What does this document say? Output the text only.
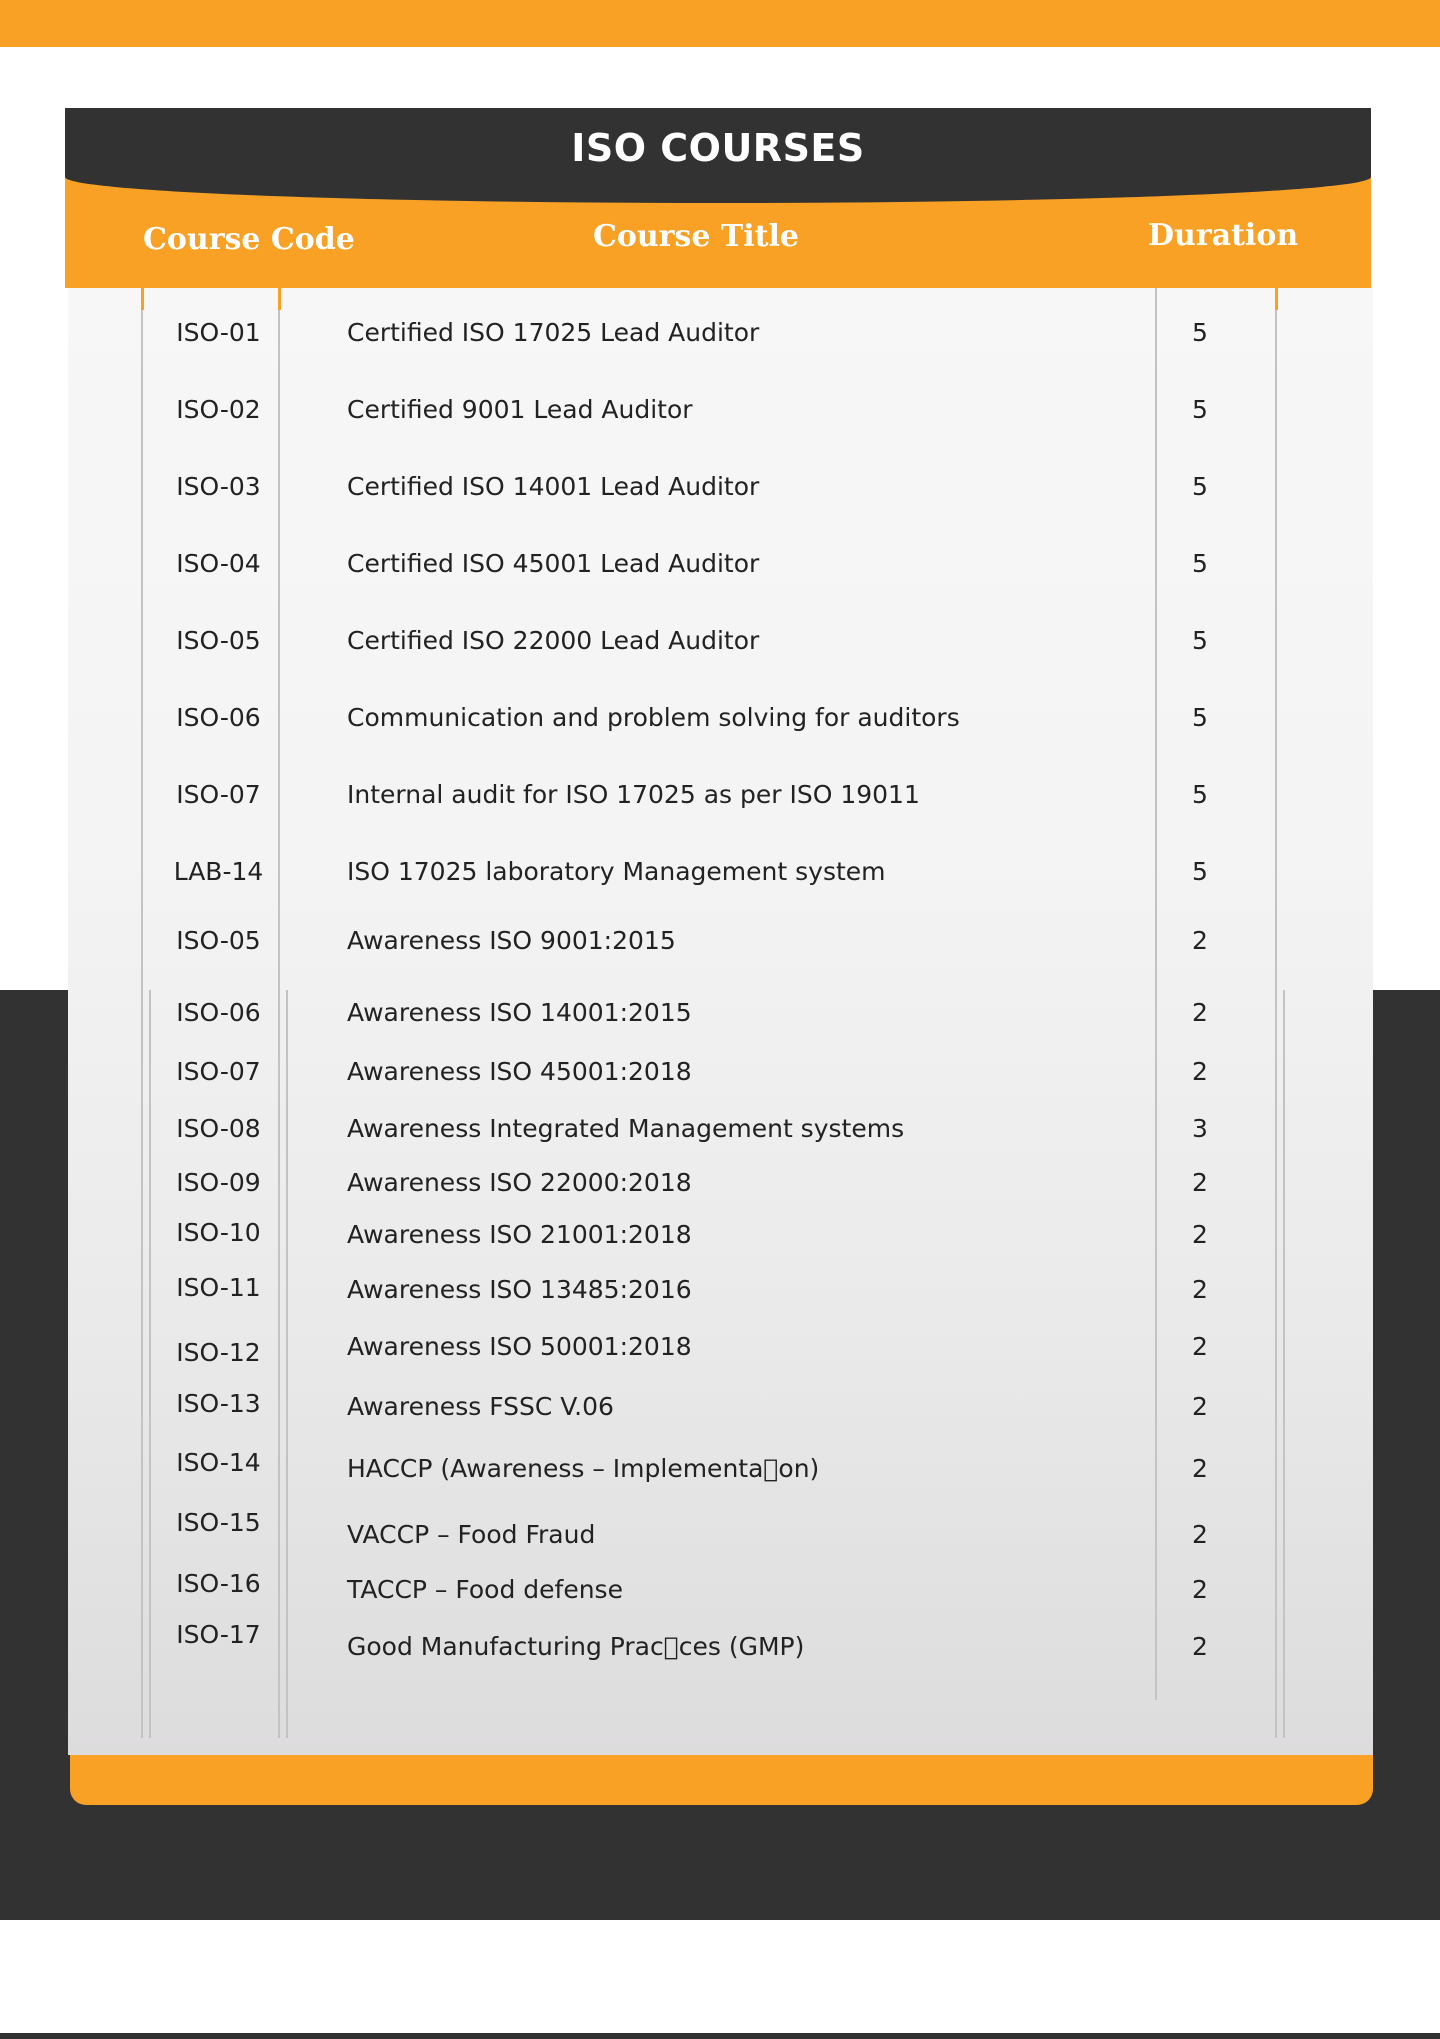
ISO COURSES
Course Code	Course Title	Duration
ISO-01	Certified ISO 17025 Lead Auditor	5
ISO-02	Certified 9001 Lead Auditor	5
ISO-03	Certified ISO 14001 Lead Auditor	5
ISO-04	Certified ISO 45001 Lead Auditor	5
ISO-05	Certified ISO 22000 Lead Auditor	5
ISO-06	Communication and problem solving for auditors	5
ISO-07	Internal audit for ISO 17025 as per ISO 19011	5
LAB-14	ISO 17025 laboratory Management system	5
ISO-05	Awareness ISO 9001:2015	2
ISO-06	Awareness ISO 14001:2015	2
ISO-07	Awareness ISO 45001:2018	2
ISO-08	Awareness Integrated Management systems	3
ISO-09	Awareness ISO 22000:2018	2
ISO-10	Awareness ISO 21001:2018	2
ISO-11	Awareness ISO 13485:2016	2
ISO-12	Awareness ISO 50001:2018	2
ISO-13	Awareness FSSC V.06	2
ISO-14	HACCP (Awareness – Implementa on)	2
ISO-15	VACCP – Food Fraud	2
ISO-16	TACCP – Food defense	2
ISO-17	Good Manufacturing Prac ces (GMP)	2
